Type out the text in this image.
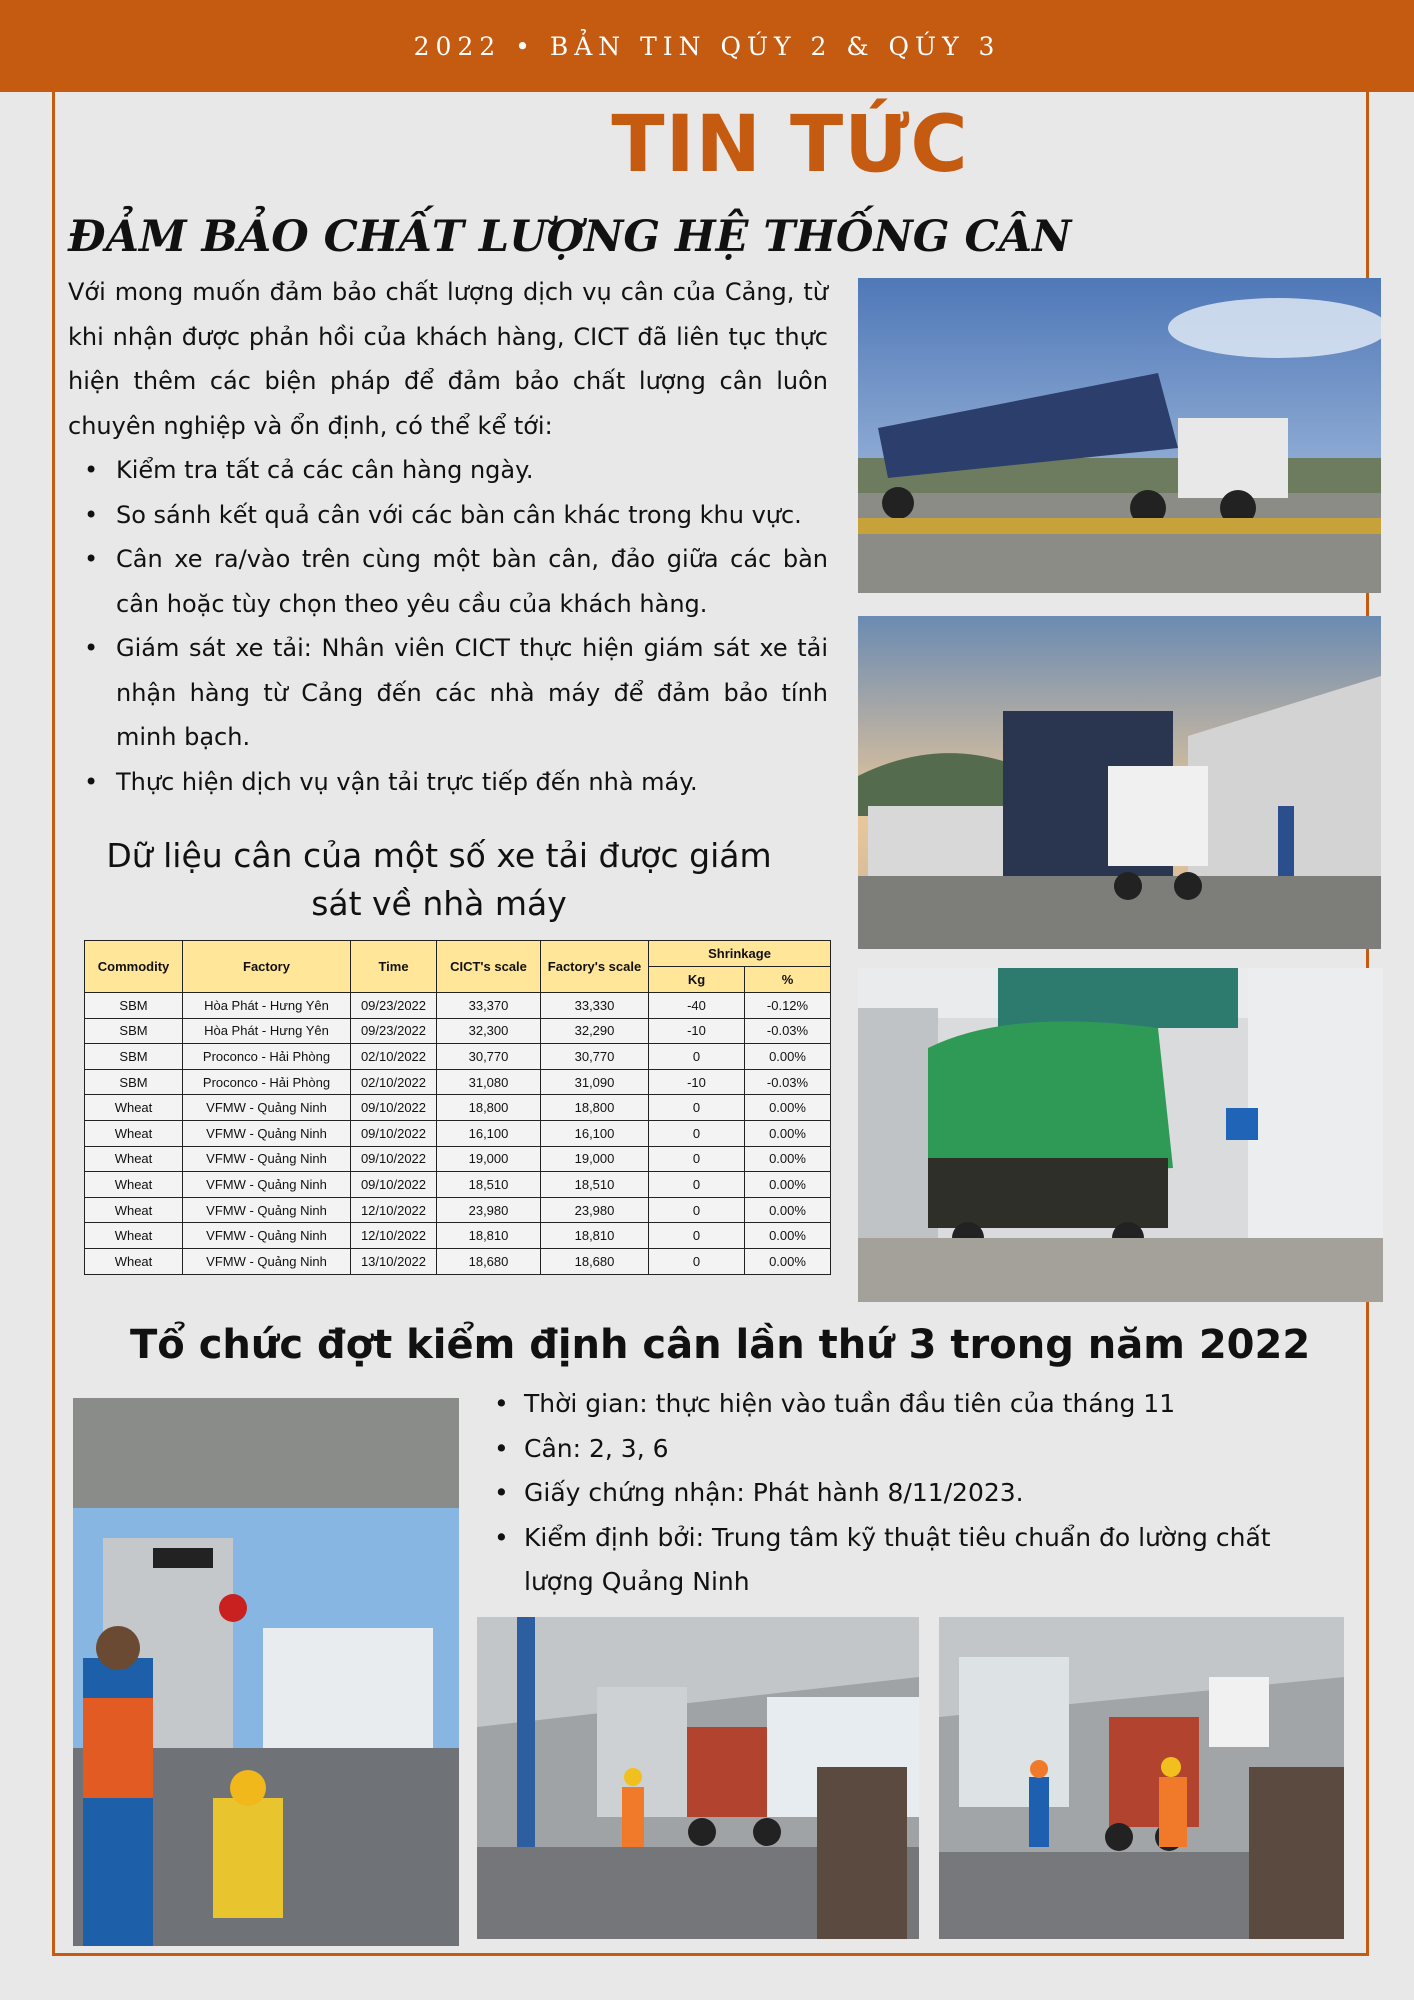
2022 • BẢN TIN QÚY 2 & QÚY 3
TIN TỨC
ĐẢM BẢO CHẤT LƯỢNG HỆ THỐNG CÂN
Với mong muốn đảm bảo chất lượng dịch vụ cân của Cảng, từ khi nhận được phản hồi của khách hàng, CICT đã liên tục thực hiện thêm các biện pháp để đảm bảo chất lượng cân luôn chuyên nghiệp và ổn định, có thể kể tới:
• Kiểm tra tất cả các cân hàng ngày.
• So sánh kết quả cân với các bàn cân khác trong khu vực.
• Cân xe ra/vào trên cùng một bàn cân, đảo giữa các bàn cân hoặc tùy chọn theo yêu cầu của khách hàng.
• Giám sát xe tải: Nhân viên CICT thực hiện giám sát xe tải nhận hàng từ Cảng đến các nhà máy để đảm bảo tính minh bạch.
• Thực hiện dịch vụ vận tải trực tiếp đến nhà máy.
Dữ liệu cân của một số xe tải được giám sát về nhà máy
Commodity	Factory	Time	CICT's scale	Factory's scale	Shrinkage	
					Kg	%
SBM	Hòa Phát - Hưng Yên	09/23/2022	33,370	33,330	-40	-0.12%
SBM	Hòa Phát - Hưng Yên	09/23/2022	32,300	32,290	-10	-0.03%
SBM	Proconco - Hải Phòng	02/10/2022	30,770	30,770	0	0.00%
SBM	Proconco - Hải Phòng	02/10/2022	31,080	31,090	-10	-0.03%
Wheat	VFMW - Quảng Ninh	09/10/2022	18,800	18,800	0	0.00%
Wheat	VFMW - Quảng Ninh	09/10/2022	16,100	16,100	0	0.00%
Wheat	VFMW - Quảng Ninh	09/10/2022	19,000	19,000	0	0.00%
Wheat	VFMW - Quảng Ninh	09/10/2022	18,510	18,510	0	0.00%
Wheat	VFMW - Quảng Ninh	12/10/2022	23,980	23,980	0	0.00%
Wheat	VFMW - Quảng Ninh	12/10/2022	18,810	18,810	0	0.00%
Wheat	VFMW - Quảng Ninh	13/10/2022	18,680	18,680	0	0.00%
Tổ chức đợt kiểm định cân lần thứ 3 trong năm 2022
• Thời gian: thực hiện vào tuần đầu tiên của tháng 11
• Cân: 2, 3, 6
• Giấy chứng nhận: Phát hành 8/11/2023.
• Kiểm định bởi: Trung tâm kỹ thuật tiêu chuẩn đo lường chất lượng Quảng Ninh
